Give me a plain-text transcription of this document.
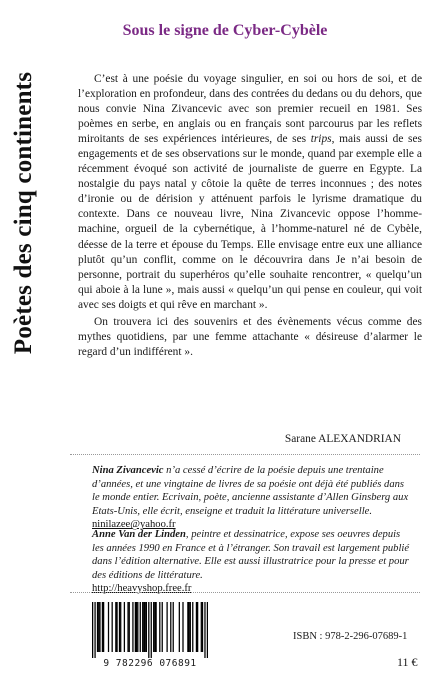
Poètes des cinq continents
Sous le signe de Cyber-Cybèle

C’est à une poésie du voyage singulier, en soi ou hors de soi, et de l’exploration en profondeur, dans des contrées du dedans ou du dehors, que nous convie Nina Zivancevic avec son premier recueil en 1981. Ses poèmes en serbe, en anglais ou en français sont parcourus par les reflets miroitants de ses expériences intérieures, de ses trips, mais aussi de ses engagements et de ses observations sur le monde, quand par exemple elle a récemment évoqué son activité de journaliste de guerre en Egypte. La nostalgie du pays natal y côtoie la quête de terres inconnues ; des notes d’ironie ou de dérision y atténuent parfois le lyrisme dramatique du contexte. Dans ce nouveau livre, Nina Zivancevic oppose l’homme-machine, orgueil de la cybernétique, à l’homme-naturel né de Cybèle, déesse de la terre et épouse du Temps. Elle envisage entre eux une alliance plutôt qu’un conflit, comme on le découvrira dans Je n’ai besoin de personne, portrait du superhéros qu’elle souhaite rencontrer, « quelqu’un qui aboie à la lune », mais aussi « quelqu’un qui pense en couleur, qui voit avec ses doigts et qui rêve en marchant ».

On trouvera ici des souvenirs et des évènements vécus comme des mythes quotidiens, par une femme attachante « désireuse d’alarmer le regard d’un indifférent ».

Sarane ALEXANDRIAN
Nina Zivancevic n’a cessé d’écrire de la poésie depuis une trentaine d’années, et une vingtaine de livres de sa poésie ont déjà été publiés dans le monde entier. Ecrivain, poète, ancienne assistante d’Allen Ginsberg aux Etats-Unis, elle écrit, enseigne et traduit la littérature universelle.
ninilazee@yahoo.fr
Anne Van der Linden, peintre et dessinatrice, expose ses oeuvres depuis les années 1990 en France et à l’étranger. Son travail est largement publié dans l’édition alternative. Elle est aussi illustratrice pour la presse et pour des éditions de littérature.
http://heavyshop.free.fr
9 782296 076891
ISBN : 978-2-296-07689-1
11 €
